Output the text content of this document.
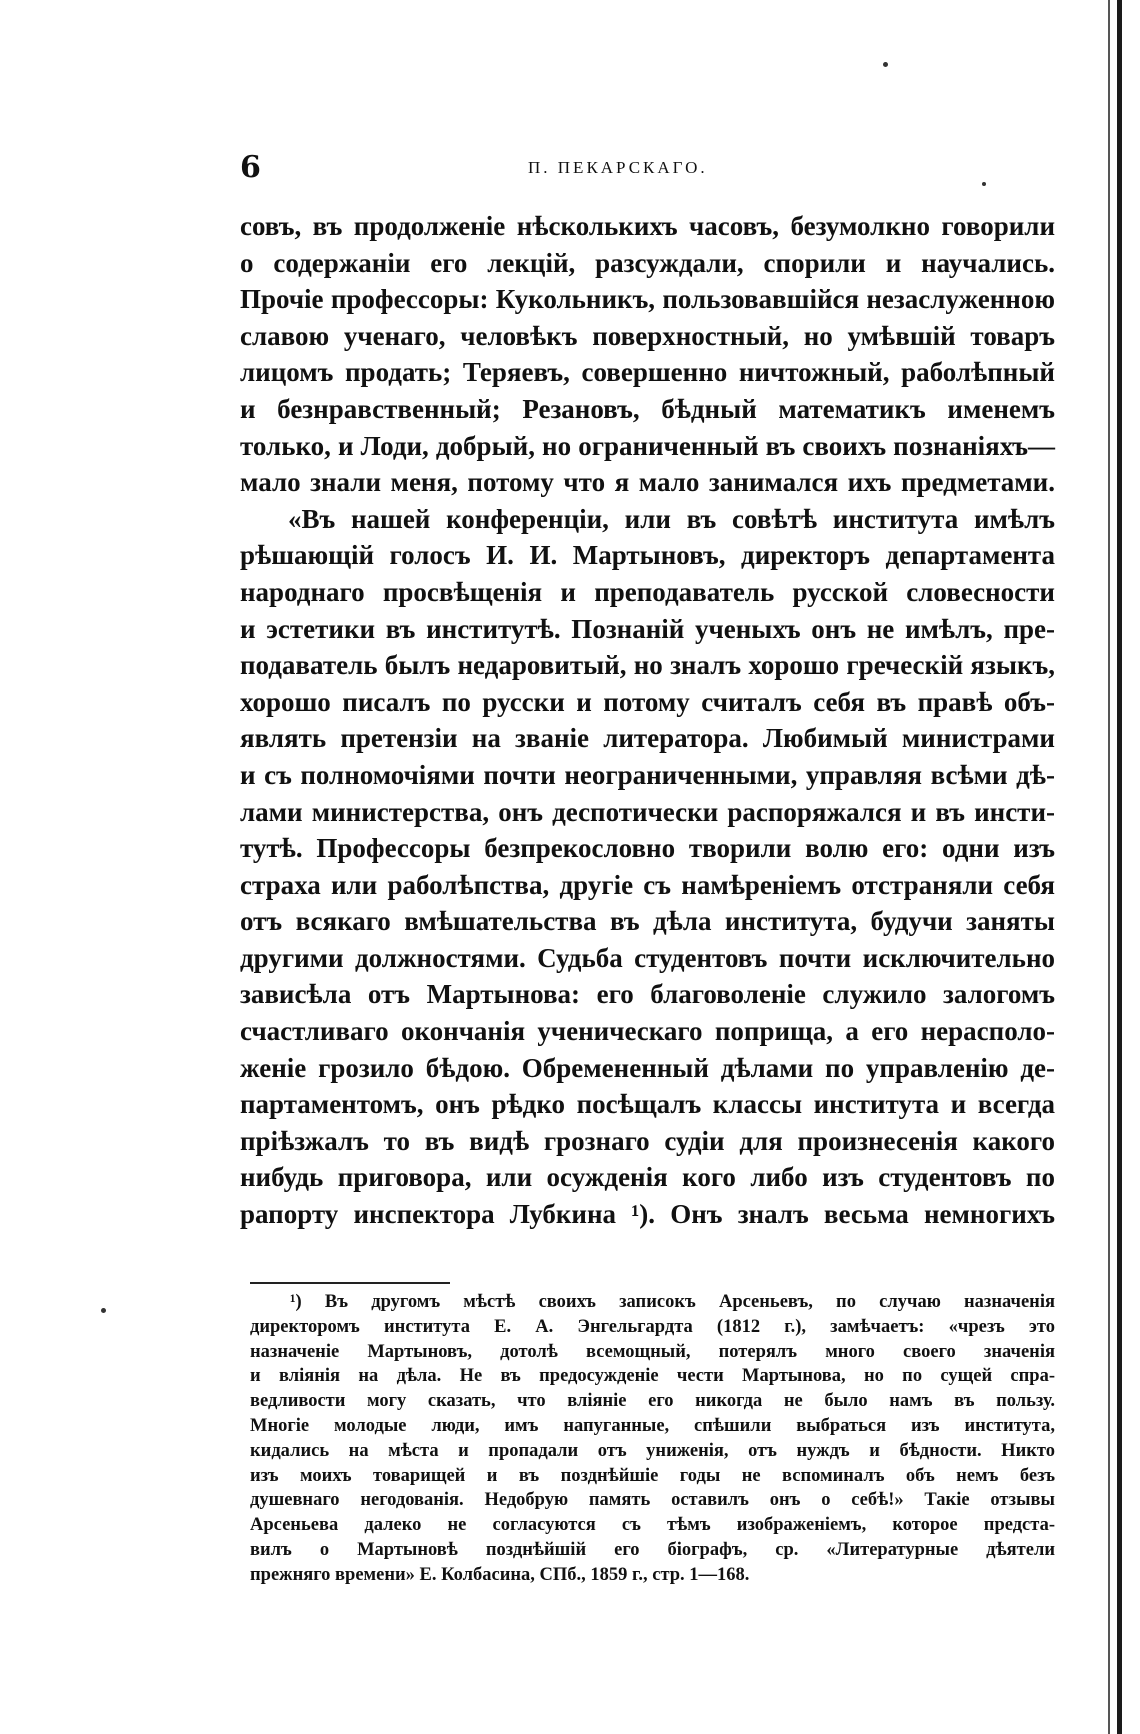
6	П. ПЕКАРСКАГО.
совъ, въ продолженіе нѣсколькихъ часовъ, безумолкно говорили
о содержаніи его лекцій, разсуждали, спорили и научались.
Прочіе профессоры: Кукольникъ, пользовавшійся незаслуженною
славою ученаго, человѣкъ поверхностный, но умѣвшій товаръ
лицомъ продать; Теряевъ, совершенно ничтожный, раболѣпный
и безнравственный; Резановъ, бѣдный математикъ именемъ
только, и Лоди, добрый, но ограниченный въ своихъ познаніяхъ—
мало знали меня, потому что я мало занимался ихъ предметами.
«Въ нашей конференціи, или въ совѣтѣ института имѣлъ
рѣшающій голосъ И. И. Мартыновъ, директоръ департамента
народнаго просвѣщенія и преподаватель русской словесности
и эстетики въ институтѣ. Познаній ученыхъ онъ не имѣлъ, пре-
подаватель былъ недаровитый, но зналъ хорошо греческій языкъ,
хорошо писалъ по русски и потому считалъ себя въ правѣ объ-
являть претензіи на званіе литератора. Любимый министрами
и съ полномочіями почти неограниченными, управляя всѣми дѣ-
лами министерства, онъ деспотически распоряжался и въ инсти-
тутѣ. Профессоры безпрекословно творили волю его: одни изъ
страха или раболѣпства, другіе съ намѣреніемъ отстраняли себя
отъ всякаго вмѣшательства въ дѣла института, будучи заняты
другими должностями. Судьба студентовъ почти исключительно
зависѣла отъ Мартынова: его благоволеніе служило залогомъ
счастливаго окончанія ученическаго поприща, а его нерасполо-
женіе грозило бѣдою. Обремененный дѣлами по управленію де-
партаментомъ, онъ рѣдко посѣщалъ классы института и всегда
пріѣзжалъ то въ видѣ грознаго судіи для произнесенія какого
нибудь приговора, или осужденія кого либо изъ студентовъ по
рапорту инспектора Лубкина ¹). Онъ зналъ весьма немногихъ
¹) Въ другомъ мѣстѣ своихъ записокъ Арсеньевъ, по случаю назначенія
директоромъ института Е. А. Энгельгардта (1812 г.), замѣчаетъ: «чрезъ это
назначеніе Мартыновъ, дотолѣ всемощный, потерялъ много своего значенія
и вліянія на дѣла. Не въ предосужденіе чести Мартынова, но по сущей спра-
ведливости могу сказать, что вліяніе его никогда не было намъ въ пользу.
Многіе молодые люди, имъ напуганные, спѣшили выбраться изъ института,
кидались на мѣста и пропадали отъ униженія, отъ нуждъ и бѣдности. Никто
изъ моихъ товарищей и въ позднѣйшіе годы не вспоминалъ объ немъ безъ
душевнаго негодованія. Недобрую память оставилъ онъ о себѣ!» Такіе отзывы
Арсеньева далеко не согласуются съ тѣмъ изображеніемъ, которое предста-
вилъ о Мартыновѣ позднѣйшій его біографъ, ср. «Литературные дѣятели
прежняго времени» Е. Колбасина, СПб., 1859 г., стр. 1—168.
